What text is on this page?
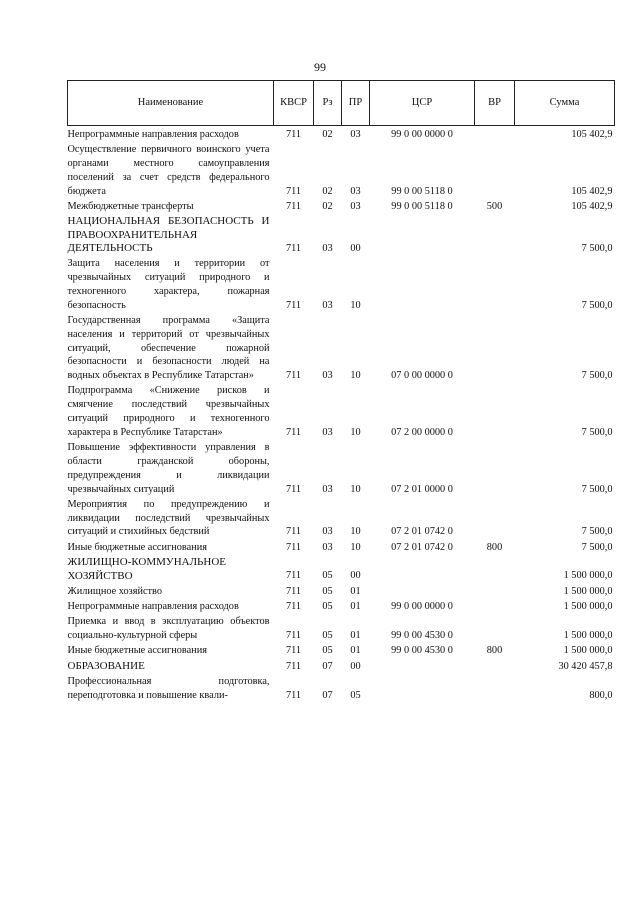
99
Наименование	КВСР	Рз	ПР	ЦСР	ВР	Сумма
Непрограммные направления расходов	711	02	03	99 0 00 0000 0		105 402,9
Осуществление первичного воинского учета органами местного самоуправления поселений за счет средств федерального бюджета	711	02	03	99 0 00 5118 0		105 402,9
Межбюджетные трансферты	711	02	03	99 0 00 5118 0	500	105 402,9
НАЦИОНАЛЬНАЯ БЕЗОПАСНОСТЬ И ПРАВООХРАНИТЕЛЬНАЯ ДЕЯТЕЛЬНОСТЬ	711	03	00			7 500,0
Защита населения и территории от чрезвычайных ситуаций природного и техногенного характера, пожарная безопасность	711	03	10			7 500,0
Государственная программа «Защита населения и территорий от чрезвычайных ситуаций, обеспечение пожарной безопасности и безопасности людей на водных объектах в Республике Татарстан»	711	03	10	07 0 00 0000 0		7 500,0
Подпрограмма «Снижение рисков и смягчение последствий чрезвычайных ситуаций природного и техногенного характера в Республике Татарстан»	711	03	10	07 2 00 0000 0		7 500,0
Повышение эффективности управления в области гражданской обороны, предупреждения и ликвидации чрезвычайных ситуаций	711	03	10	07 2 01 0000 0		7 500,0
Мероприятия по предупреждению и ликвидации последствий чрезвычайных ситуаций и стихийных бедствий	711	03	10	07 2 01 0742 0		7 500,0
Иные бюджетные ассигнования	711	03	10	07 2 01 0742 0	800	7 500,0
ЖИЛИЩНО-КОММУНАЛЬНОЕ ХОЗЯЙСТВО	711	05	00			1 500 000,0
Жилищное хозяйство	711	05	01			1 500 000,0
Непрограммные направления расходов	711	05	01	99 0 00 0000 0		1 500 000,0
Приемка и ввод в эксплуатацию объектов социально-культурной сферы	711	05	01	99 0 00 4530 0		1 500 000,0
Иные бюджетные ассигнования	711	05	01	99 0 00 4530 0	800	1 500 000,0
ОБРАЗОВАНИЕ	711	07	00			30 420 457,8
Профессиональная подготовка, переподготовка и повышение квали-	711	07	05			800,0
